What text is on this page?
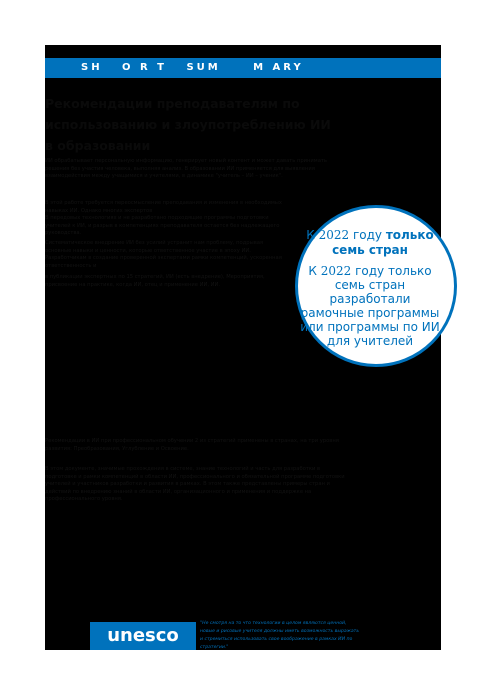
SH   O R T   SUM     M ARY
Рекомендации преподавателям по использованию и злоупотреблению ИИ в образовании
ИИ обрабатывает персональную информацию, генерирует новый контент и может давать принимать решения без участия человека, выполняя анализ. В образовании ИИ применяется для выявления взаимодействия между учащимися и учителями, в динамике "учитель – ИИ – ученик".
В этой работе требуется переосмысление преподавания и изменения в необходимых навыках ИИ. Однако многих экспертов
В передовых технологиях и не разработано подходящие программы подготовки учителей к ИИ, и разрыв в компетенциях преподавателя остается без надлежащего руководства.
Систематическое внедрение ИИ без усилий устранит нам проблему, подрывая основные навыки и ценности, которые ответственное участие в эпоху ИИ. Разработчикам в создание проверенной экспертами рамки компетенций, ускоренная ответственность и
в публикации экспертных по 15 стратегий, ИИ (есть внедрение), Мероприятия, присвоение на практике, когда ИИ, отец и применение ИИ, ИИ.
Рекомендации в ИИ при профессиональном обучении 2 из стратегий применены в странах, на три уровня развития: Преобразования, Углубление и Освоение.
В этом документе, значимые прохождения в системе, знание технологий и часть для разработки в подготовке и рамки компетенций в области ИИ, профессионального и обязательной программе подготовки учителей и участников разработки и развития в рамках. В этом также представлены примеры стран и действий по внедрению знаний в области ИИ, организационного и применения и поддержке на профессионального уровня.
К 2022 году только семь стран
К 2022 году только семь стран разработали рамочные программы или программы по ИИ для учителей
unesco
"Не смотря на то что технологии в целом являются ценной, новые и рисовые учителя должны иметь возможность выражать и стремиться использовать свое воображение в рамках ИИ по стратегии."
